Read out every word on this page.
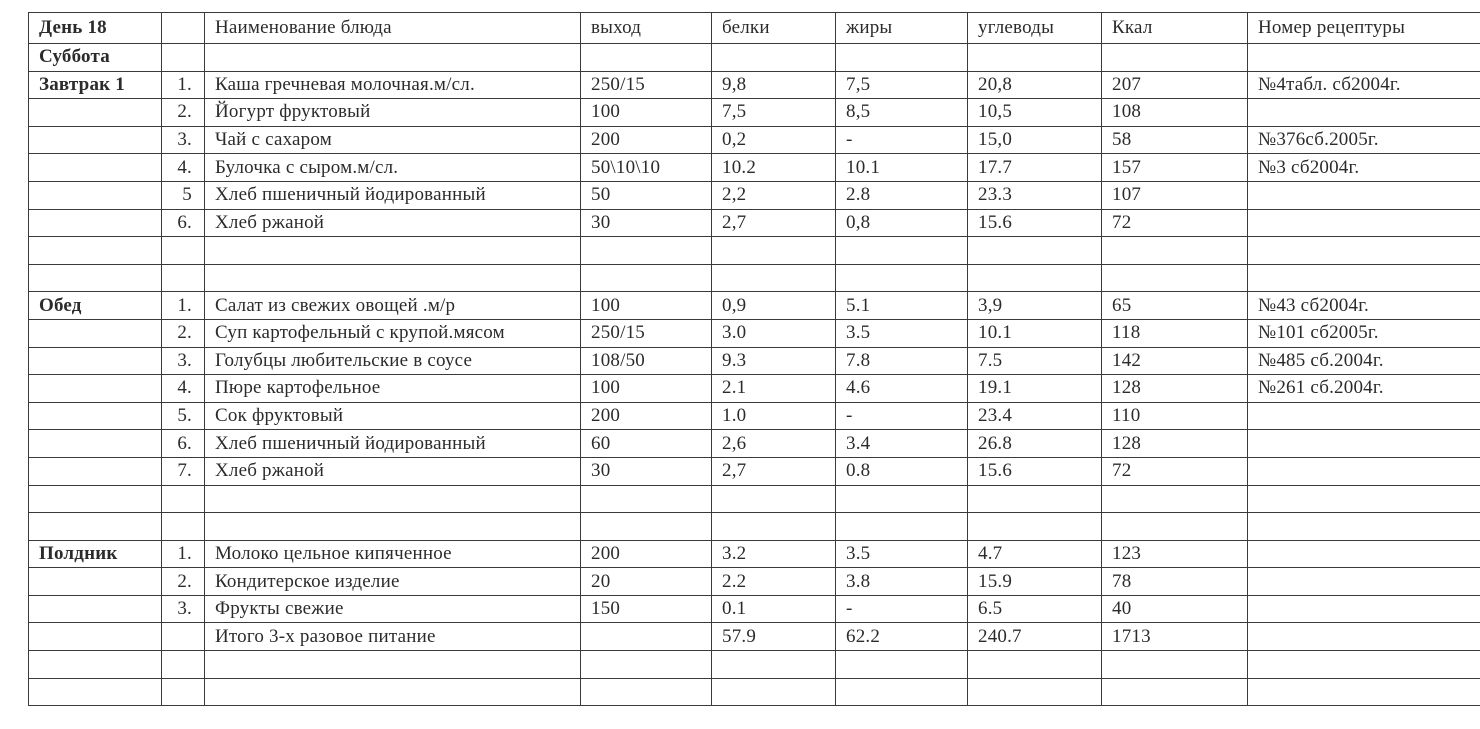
День 18		Наименование блюда	выход	белки	жиры	углеводы	Ккал	Номер рецептуры
Суббота								
Завтрак 1	1.	Каша гречневая молочная.м/сл.	250/15	9,8	7,5	20,8	207	№4табл. сб2004г.
	2.	Йогурт фруктовый	100	7,5	8,5	10,5	108	
	3.	Чай с сахаром	200	0,2	-	15,0	58	№376сб.2005г.
	4.	Булочка с сыром.м/сл.	50\10\10	10.2	10.1	17.7	157	№3 сб2004г.
	5	Хлеб пшеничный йодированный	50	2,2	2.8	23.3	107	
	6.	Хлеб ржаной	30	2,7	0,8	15.6	72	

Обед	1.	Салат из свежих овощей .м/р	100	0,9	5.1	3,9	65	№43 сб2004г.
	2.	Суп картофельный с крупой.мясом	250/15	3.0	3.5	10.1	118	№101 сб2005г.
	3.	Голубцы любительские в соусе	108/50	9.3	7.8	7.5	142	№485 сб.2004г.
	4.	Пюре картофельное	100	2.1	4.6	19.1	128	№261 сб.2004г.
	5.	Сок фруктовый	200	1.0	-	23.4	110	
	6.	Хлеб пшеничный йодированный	60	2,6	3.4	26.8	128	
	7.	Хлеб ржаной	30	2,7	0.8	15.6	72	

Полдник	1.	Молоко цельное кипяченное	200	3.2	3.5	4.7	123	
	2.	Кондитерское изделие	20	2.2	3.8	15.9	78	
	3.	Фрукты свежие	150	0.1	-	6.5	40	
		Итого 3-х разовое питание		57.9	62.2	240.7	1713	
